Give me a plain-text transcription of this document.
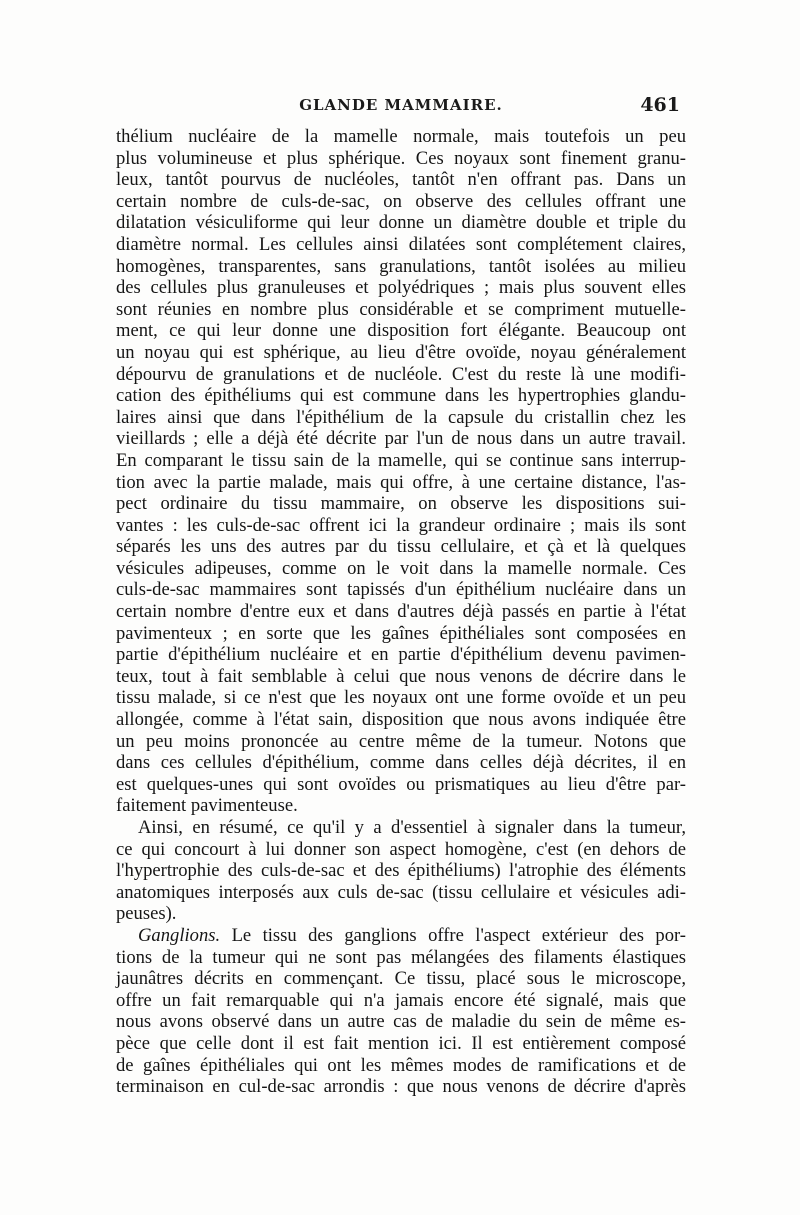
GLANDE MAMMAIRE.	461
thélium nucléaire de la mamelle normale, mais toutefois un peu
plus volumineuse et plus sphérique. Ces noyaux sont finement granu-
leux, tantôt pourvus de nucléoles, tantôt n'en offrant pas. Dans un
certain nombre de culs-de-sac, on observe des cellules offrant une
dilatation vésiculiforme qui leur donne un diamètre double et triple du
diamètre normal. Les cellules ainsi dilatées sont complétement claires,
homogènes, transparentes, sans granulations, tantôt isolées au milieu
des cellules plus granuleuses et polyédriques ; mais plus souvent elles
sont réunies en nombre plus considérable et se compriment mutuelle-
ment, ce qui leur donne une disposition fort élégante. Beaucoup ont
un noyau qui est sphérique, au lieu d'être ovoïde, noyau généralement
dépourvu de granulations et de nucléole. C'est du reste là une modifi-
cation des épithéliums qui est commune dans les hypertrophies glandu-
laires ainsi que dans l'épithélium de la capsule du cristallin chez les
vieillards ; elle a déjà été décrite par l'un de nous dans un autre travail.
En comparant le tissu sain de la mamelle, qui se continue sans interrup-
tion avec la partie malade, mais qui offre, à une certaine distance, l'as-
pect ordinaire du tissu mammaire, on observe les dispositions sui-
vantes : les culs-de-sac offrent ici la grandeur ordinaire ; mais ils sont
séparés les uns des autres par du tissu cellulaire, et çà et là quelques
vésicules adipeuses, comme on le voit dans la mamelle normale. Ces
culs-de-sac mammaires sont tapissés d'un épithélium nucléaire dans un
certain nombre d'entre eux et dans d'autres déjà passés en partie à l'état
pavimenteux ; en sorte que les gaînes épithéliales sont composées en
partie d'épithélium nucléaire et en partie d'épithélium devenu pavimen-
teux, tout à fait semblable à celui que nous venons de décrire dans le
tissu malade, si ce n'est que les noyaux ont une forme ovoïde et un peu
allongée, comme à l'état sain, disposition que nous avons indiquée être
un peu moins prononcée au centre même de la tumeur. Notons que
dans ces cellules d'épithélium, comme dans celles déjà décrites, il en
est quelques-unes qui sont ovoïdes ou prismatiques au lieu d'être par-
faitement pavimenteuse.
Ainsi, en résumé, ce qu'il y a d'essentiel à signaler dans la tumeur,
ce qui concourt à lui donner son aspect homogène, c'est (en dehors de
l'hypertrophie des culs-de-sac et des épithéliums) l'atrophie des éléments
anatomiques interposés aux culs de-sac (tissu cellulaire et vésicules adi-
peuses).
Ganglions. Le tissu des ganglions offre l'aspect extérieur des por-
tions de la tumeur qui ne sont pas mélangées des filaments élastiques
jaunâtres décrits en commençant. Ce tissu, placé sous le microscope,
offre un fait remarquable qui n'a jamais encore été signalé, mais que
nous avons observé dans un autre cas de maladie du sein de même es-
pèce que celle dont il est fait mention ici. Il est entièrement composé
de gaînes épithéliales qui ont les mêmes modes de ramifications et de
terminaison en cul-de-sac arrondis : que nous venons de décrire d'après
